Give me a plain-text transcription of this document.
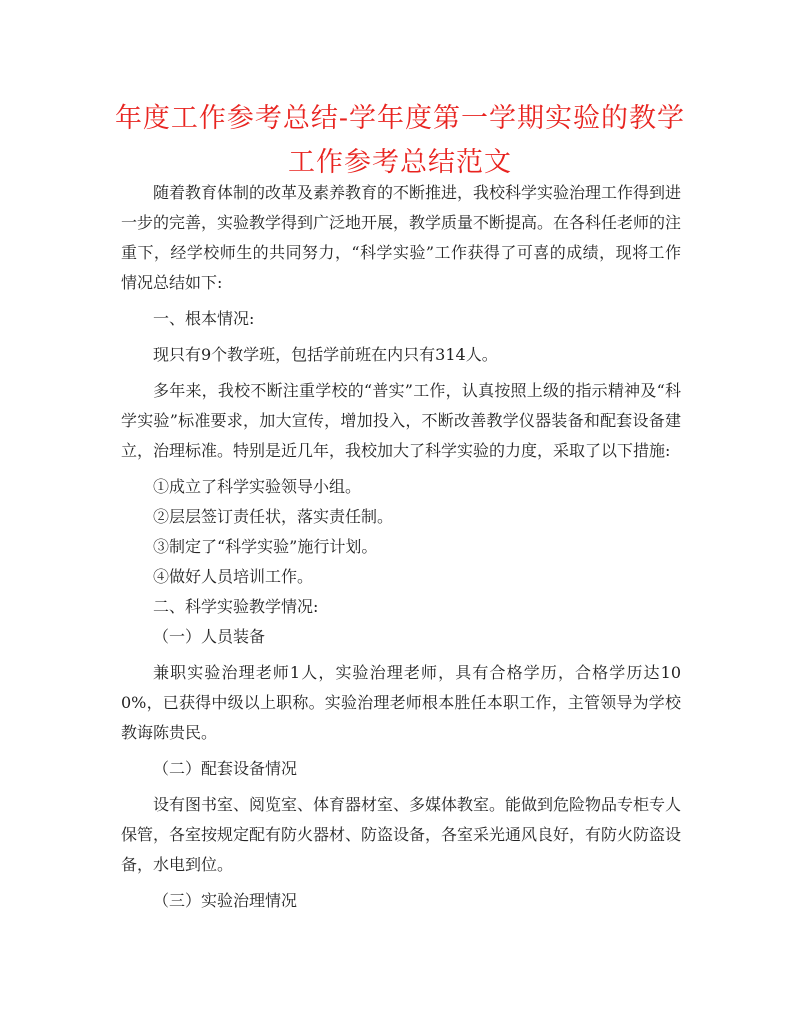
年度工作参考总结-学年度第一学期实验的教学工作参考总结范文

随着教育体制的改革及素养教育的不断推进，我校科学实验治理工作得到进一步的完善，实验教学得到广泛地开展，教学质量不断提高。在各科任老师的注重下，经学校师生的共同努力，“科学实验”工作获得了可喜的成绩，现将工作情况总结如下:

一、根本情况:

现只有9个教学班，包括学前班在内只有314人。

多年来，我校不断注重学校的“普实”工作，认真按照上级的指示精神及“科学实验”标准要求，加大宣传，增加投入，不断改善教学仪器装备和配套设备建立，治理标准。特别是近几年，我校加大了科学实验的力度，采取了以下措施:

①成立了科学实验领导小组。

②层层签订责任状，落实责任制。

③制定了“科学实验”施行计划。

④做好人员培训工作。

二、科学实验教学情况:

（一）人员装备

兼职实验治理老师1人，实验治理老师，具有合格学历，合格学历达100%，已获得中级以上职称。实验治理老师根本胜任本职工作，主管领导为学校教诲陈贵民。

（二）配套设备情况

设有图书室、阅览室、体育器材室、多媒体教室。能做到危险物品专柜专人保管，各室按规定配有防火器材、防盗设备，各室采光通风良好，有防火防盗设备，水电到位。

（三）实验治理情况
